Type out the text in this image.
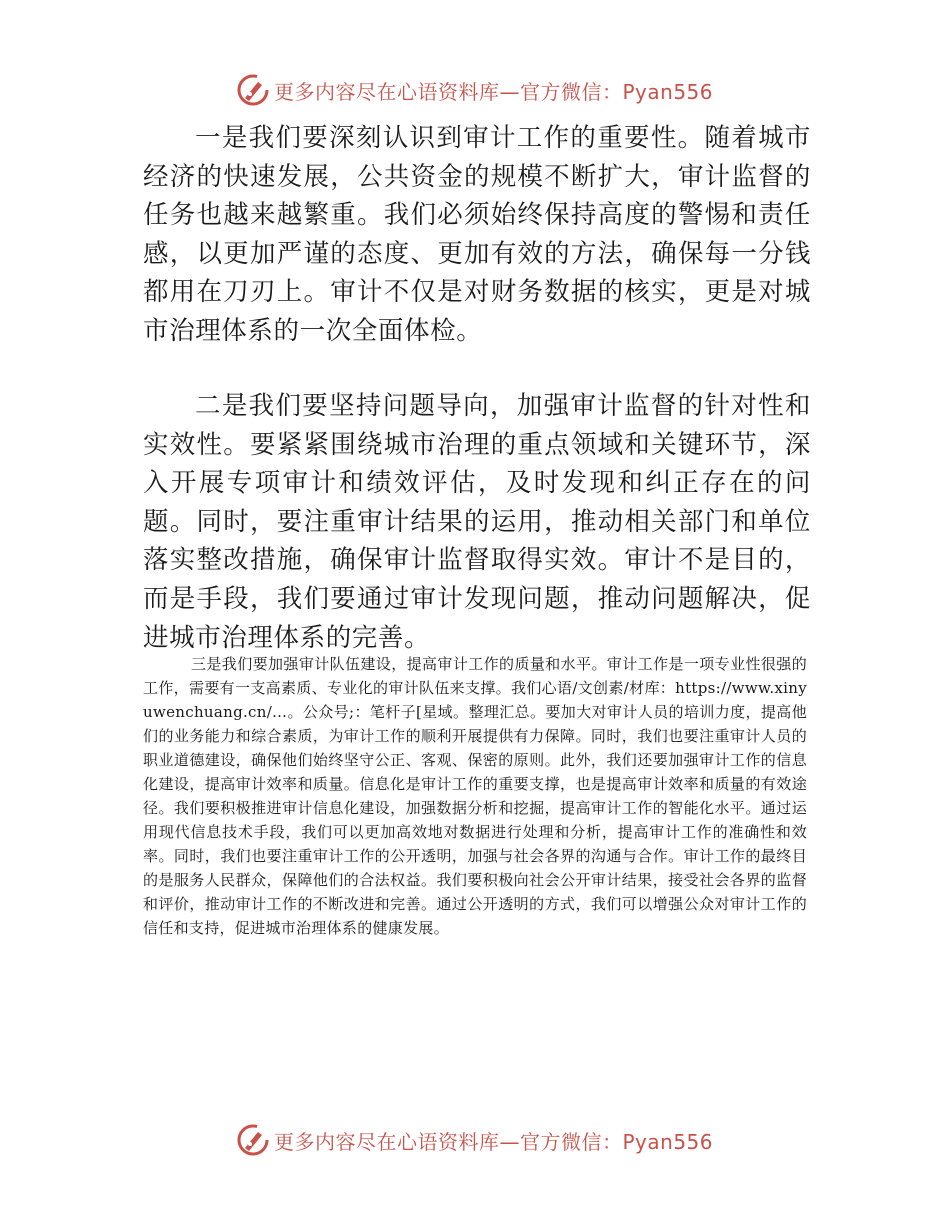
更多内容尽在心语资料库—官方微信：Pyan556

一是我们要深刻认识到审计工作的重要性。随着城市经济的快速发展，公共资金的规模不断扩大，审计监督的任务也越来越繁重。我们必须始终保持高度的警惕和责任感，以更加严谨的态度、更加有效的方法，确保每一分钱都用在刀刃上。审计不仅是对财务数据的核实，更是对城市治理体系的一次全面体检。

二是我们要坚持问题导向，加强审计监督的针对性和实效性。要紧紧围绕城市治理的重点领域和关键环节，深入开展专项审计和绩效评估，及时发现和纠正存在的问题。同时，要注重审计结果的运用，推动相关部门和单位落实整改措施，确保审计监督取得实效。审计不是目的，而是手段，我们要通过审计发现问题，推动问题解决，促进城市治理体系的完善。

三是我们要加强审计队伍建设，提高审计工作的质量和水平。审计工作是一项专业性很强的工作，需要有一支高素质、专业化的审计队伍来支撑。我们心语/文创素/材库：https://www.xinyuwenchuang.cn/…。公众号;：笔杆子[星域。整理汇总。要加大对审计人员的培训力度，提高他们的业务能力和综合素质，为审计工作的顺利开展提供有力保障。同时，我们也要注重审计人员的职业道德建设，确保他们始终坚守公正、客观、保密的原则。此外，我们还要加强审计工作的信息化建设，提高审计效率和质量。信息化是审计工作的重要支撑，也是提高审计效率和质量的有效途径。我们要积极推进审计信息化建设，加强数据分析和挖掘，提高审计工作的智能化水平。通过运用现代信息技术手段，我们可以更加高效地对数据进行处理和分析，提高审计工作的准确性和效率。同时，我们也要注重审计工作的公开透明，加强与社会各界的沟通与合作。审计工作的最终目的是服务人民群众，保障他们的合法权益。我们要积极向社会公开审计结果，接受社会各界的监督和评价，推动审计工作的不断改进和完善。通过公开透明的方式，我们可以增强公众对审计工作的信任和支持，促进城市治理体系的健康发展。

更多内容尽在心语资料库—官方微信：Pyan556
